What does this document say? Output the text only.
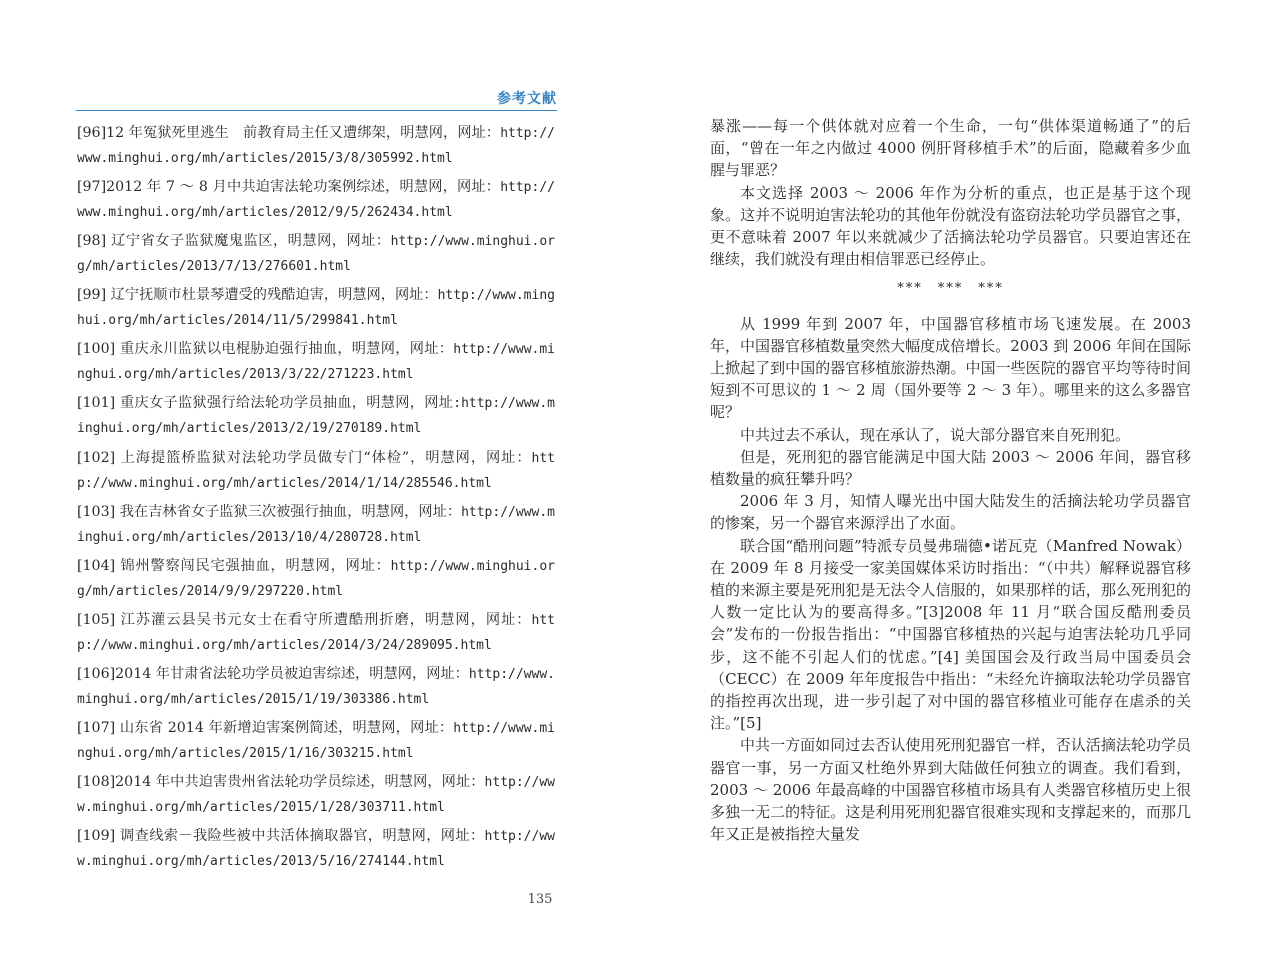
参考文献
[96]12 年冤狱死里逃生　前教育局主任又遭绑架，明慧网，网址：http://www.minghui.org/mh/articles/2015/3/8/305992.html
[97]2012 年 7 ～ 8 月中共迫害法轮功案例综述，明慧网，网址：http://www.minghui.org/mh/articles/2012/9/5/262434.html
[98] 辽宁省女子监狱魔鬼监区，明慧网，网址：http://www.minghui.org/mh/articles/2013/7/13/276601.html
[99] 辽宁抚顺市杜景琴遭受的残酷迫害，明慧网，网址：http://www.minghui.org/mh/articles/2014/11/5/299841.html
[100] 重庆永川监狱以电棍胁迫强行抽血，明慧网，网址：http://www.minghui.org/mh/articles/2013/3/22/271223.html
[101] 重庆女子监狱强行给法轮功学员抽血，明慧网，网址:http://www.minghui.org/mh/articles/2013/2/19/270189.html
[102] 上海提篮桥监狱对法轮功学员做专门“体检”，明慧网，网址：http://www.minghui.org/mh/articles/2014/1/14/285546.html
[103] 我在吉林省女子监狱三次被强行抽血，明慧网，网址：http://www.minghui.org/mh/articles/2013/10/4/280728.html
[104] 锦州警察闯民宅强抽血，明慧网，网址：http://www.minghui.org/mh/articles/2014/9/9/297220.html
[105] 江苏灌云县吴书元女士在看守所遭酷刑折磨，明慧网，网址：http://www.minghui.org/mh/articles/2014/3/24/289095.html
[106]2014 年甘肃省法轮功学员被迫害综述，明慧网，网址：http://www.minghui.org/mh/articles/2015/1/19/303386.html
[107] 山东省 2014 年新增迫害案例简述，明慧网，网址：http://www.minghui.org/mh/articles/2015/1/16/303215.html
[108]2014 年中共迫害贵州省法轮功学员综述，明慧网，网址：http://www.minghui.org/mh/articles/2015/1/28/303711.html
[109] 调查线索－我险些被中共活体摘取器官，明慧网，网址：http://www.minghui.org/mh/articles/2013/5/16/274144.html
135

暴涨——每一个供体就对应着一个生命，一句“供体渠道畅通了”的后面，“曾在一年之内做过 4000 例肝肾移植手术”的后面，隐藏着多少血腥与罪恶？

本文选择 2003 ～ 2006 年作为分析的重点，也正是基于这个现象。这并不说明迫害法轮功的其他年份就没有盗窃法轮功学员器官之事，更不意味着 2007 年以来就减少了活摘法轮功学员器官。只要迫害还在继续，我们就没有理由相信罪恶已经停止。

***　***　***

从 1999 年到 2007 年，中国器官移植市场飞速发展。在 2003 年，中国器官移植数量突然大幅度成倍增长。2003 到 2006 年间在国际上掀起了到中国的器官移植旅游热潮。中国一些医院的器官平均等待时间短到不可思议的 1 ～ 2 周（国外要等 2 ～ 3 年）。哪里来的这么多器官呢？

中共过去不承认，现在承认了，说大部分器官来自死刑犯。

但是，死刑犯的器官能满足中国大陆 2003 ～ 2006 年间，器官移植数量的疯狂攀升吗？

2006 年 3 月，知情人曝光出中国大陆发生的活摘法轮功学员器官的惨案，另一个器官来源浮出了水面。

联合国“酷刑问题”特派专员曼弗瑞德•诺瓦克（Manfred Nowak）在 2009 年 8 月接受一家美国媒体采访时指出：“（中共）解释说器官移植的来源主要是死刑犯是无法令人信服的，如果那样的话，那么死刑犯的人数一定比认为的要高得多。”[3]2008 年 11 月“联合国反酷刑委员会”发布的一份报告指出：“中国器官移植热的兴起与迫害法轮功几乎同步，这不能不引起人们的忧虑。”[4] 美国国会及行政当局中国委员会（CECC）在 2009 年年度报告中指出：“未经允许摘取法轮功学员器官的指控再次出现，进一步引起了对中国的器官移植业可能存在虐杀的关注。”[5]

中共一方面如同过去否认使用死刑犯器官一样，否认活摘法轮功学员器官一事，另一方面又杜绝外界到大陆做任何独立的调查。我们看到，2003 ～ 2006 年最高峰的中国器官移植市场具有人类器官移植历史上很多独一无二的特征。这是利用死刑犯器官很难实现和支撑起来的，而那几年又正是被指控大量发
